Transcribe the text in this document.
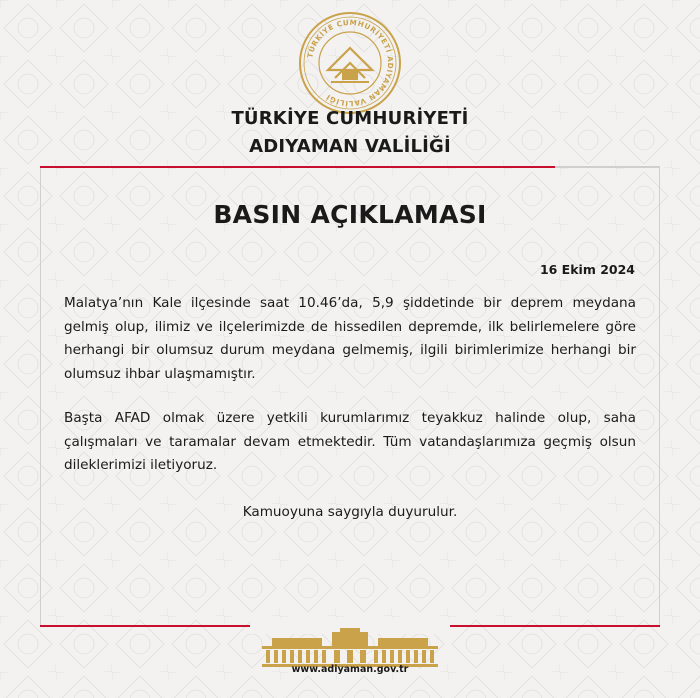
TÜRKİYE CUMHURİYETİ ADIYAMAN VALİLİĞİ
TÜRKİYE CUMHURİYETİ
ADIYAMAN VALİLİĞİ
BASIN AÇIKLAMASI
16 Ekim 2024
Malatya’nın Kale ilçesinde saat 10.46’da, 5,9 şiddetinde bir deprem meydana gelmiş olup, ilimiz ve ilçelerimizde de hissedilen depremde, ilk belirlemelere göre herhangi bir olumsuz durum meydana gelmemiş, ilgili birimlerimize herhangi bir olumsuz ihbar ulaşmamıştır.
Başta AFAD olmak üzere yetkili kurumlarımız teyakkuz halinde olup, saha çalışmaları ve taramalar devam etmektedir. Tüm vatandaşlarımıza geçmiş olsun dileklerimizi iletiyoruz.
Kamuoyuna saygıyla duyurulur.
www.adiyaman.gov.tr
